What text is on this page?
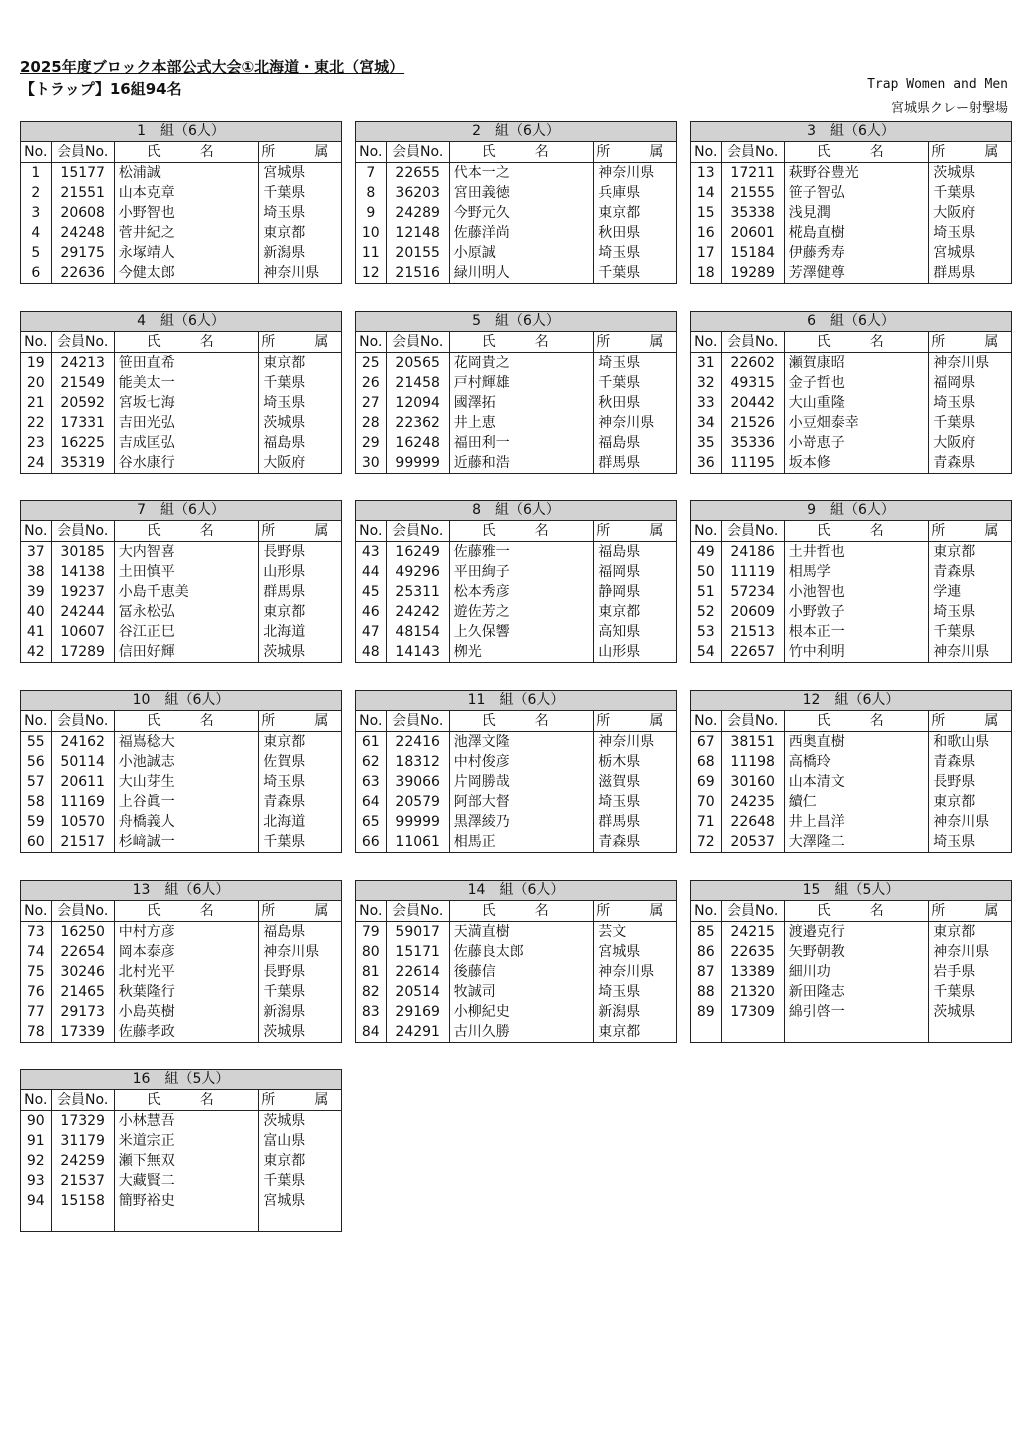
2025年度ブロック本部公式大会①北海道・東北（宮城）
【トラップ】16組94名	Trap Women and Men
宮城県クレー射撃場
1　組（6人）
No.	会員No.	氏　名	所　属
1	15177	松浦誠	宮城県
2	21551	山本克章	千葉県
3	20608	小野智也	埼玉県
4	24248	菅井紀之	東京都
5	29175	永塚靖人	新潟県
6	22636	今健太郎	神奈川県
2　組（6人）
No.	会員No.	氏　名	所　属
7	22655	代本一之	神奈川県
8	36203	宮田義徳	兵庫県
9	24289	今野元久	東京都
10	12148	佐藤洋尚	秋田県
11	20155	小原誠	埼玉県
12	21516	緑川明人	千葉県
3　組（6人）
No.	会員No.	氏　名	所　属
13	17211	萩野谷豊光	茨城県
14	21555	笹子智弘	千葉県
15	35338	浅見潤	大阪府
16	20601	椛島直樹	埼玉県
17	15184	伊藤秀寿	宮城県
18	19289	芳澤健尊	群馬県
4　組（6人）
No.	会員No.	氏　名	所　属
19	24213	笹田直希	東京都
20	21549	能美太一	千葉県
21	20592	宮坂七海	埼玉県
22	17331	吉田光弘	茨城県
23	16225	吉成匡弘	福島県
24	35319	谷水康行	大阪府
5　組（6人）
No.	会員No.	氏　名	所　属
25	20565	花岡貴之	埼玉県
26	21458	戸村輝雄	千葉県
27	12094	國澤拓	秋田県
28	22362	井上恵	神奈川県
29	16248	福田利一	福島県
30	99999	近藤和浩	群馬県
6　組（6人）
No.	会員No.	氏　名	所　属
31	22602	瀬賀康昭	神奈川県
32	49315	金子哲也	福岡県
33	20442	大山重隆	埼玉県
34	21526	小豆畑泰幸	千葉県
35	35336	小嵜恵子	大阪府
36	11195	坂本修	青森県
7　組（6人）
No.	会員No.	氏　名	所　属
37	30185	大内智喜	長野県
38	14138	土田慎平	山形県
39	19237	小島千恵美	群馬県
40	24244	冨永松弘	東京都
41	10607	谷江正巳	北海道
42	17289	信田好輝	茨城県
8　組（6人）
No.	会員No.	氏　名	所　属
43	16249	佐藤雅一	福島県
44	49296	平田絢子	福岡県
45	25311	松本秀彦	静岡県
46	24242	遊佐芳之	東京都
47	48154	上久保響	高知県
48	14143	栁光	山形県
9　組（6人）
No.	会員No.	氏　名	所　属
49	24186	土井哲也	東京都
50	11119	相馬学	青森県
51	57234	小池智也	学連
52	20609	小野敦子	埼玉県
53	21513	根本正一	千葉県
54	22657	竹中利明	神奈川県
10　組（6人）
No.	会員No.	氏　名	所　属
55	24162	福嶌稔大	東京都
56	50114	小池誠志	佐賀県
57	20611	大山芽生	埼玉県
58	11169	上谷眞一	青森県
59	10570	舟橋義人	北海道
60	21517	杉﨑誠一	千葉県
11　組（6人）
No.	会員No.	氏　名	所　属
61	22416	池澤文隆	神奈川県
62	18312	中村俊彦	栃木県
63	39066	片岡勝哉	滋賀県
64	20579	阿部大督	埼玉県
65	99999	黒澤綾乃	群馬県
66	11061	相馬正	青森県
12　組（6人）
No.	会員No.	氏　名	所　属
67	38151	西奥直樹	和歌山県
68	11198	高橋玲	青森県
69	30160	山本清文	長野県
70	24235	續仁	東京都
71	22648	井上昌洋	神奈川県
72	20537	大澤隆二	埼玉県
13　組（6人）
No.	会員No.	氏　名	所　属
73	16250	中村方彦	福島県
74	22654	岡本泰彦	神奈川県
75	30246	北村光平	長野県
76	21465	秋葉隆行	千葉県
77	29173	小島英樹	新潟県
78	17339	佐藤孝政	茨城県
14　組（6人）
No.	会員No.	氏　名	所　属
79	59017	天満直樹	芸文
80	15171	佐藤良太郎	宮城県
81	22614	後藤信	神奈川県
82	20514	牧誠司	埼玉県
83	29169	小柳紀史	新潟県
84	24291	古川久勝	東京都
15　組（5人）
No.	会員No.	氏　名	所　属
85	24215	渡邉克行	東京都
86	22635	矢野朝教	神奈川県
87	13389	細川功	岩手県
88	21320	新田隆志	千葉県
89	17309	綿引啓一	茨城県

16　組（5人）
No.	会員No.	氏　名	所　属
90	17329	小林慧吾	茨城県
91	31179	米道宗正	富山県
92	24259	瀬下無双	東京都
93	21537	大藏賢二	千葉県
94	15158	簡野裕史	宮城県
